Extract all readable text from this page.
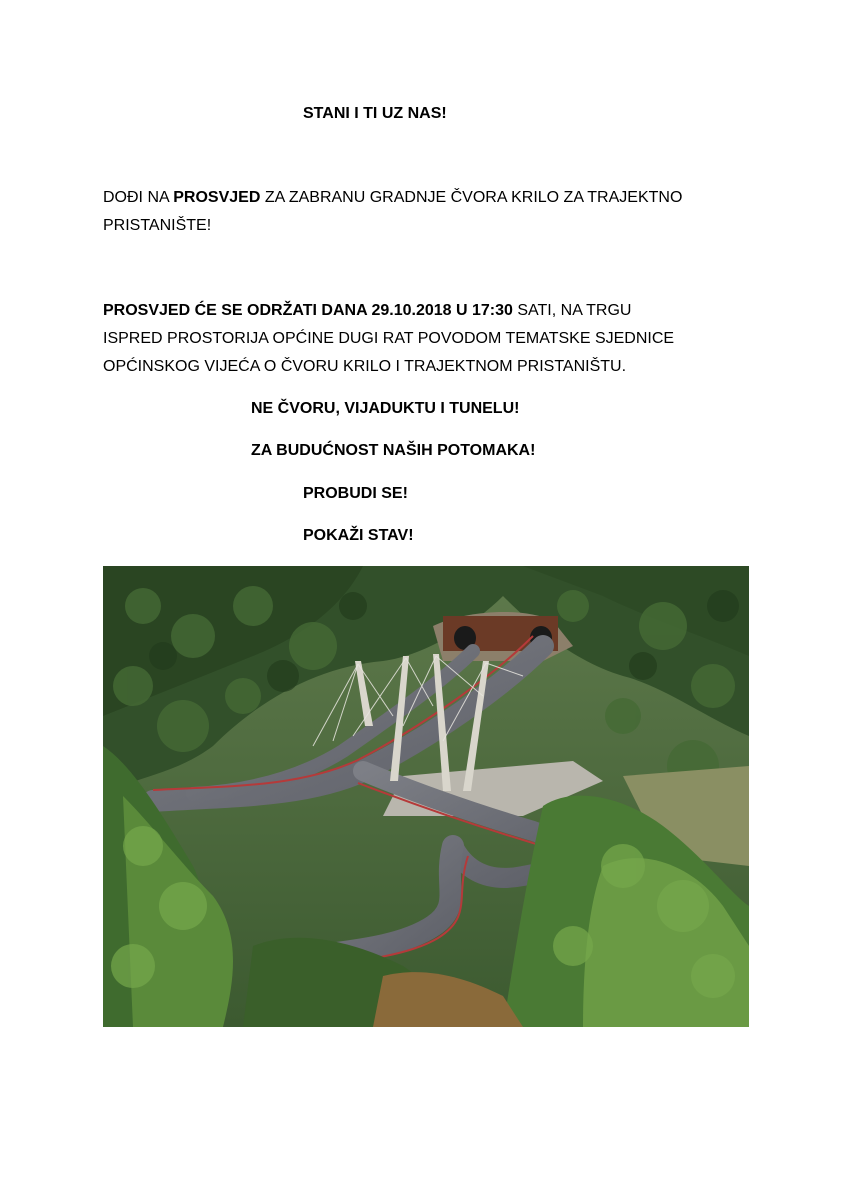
STANI I TI UZ NAS!
DOĐI NA PROSVJED ZA ZABRANU GRADNJE ČVORA KRILO ZA TRAJEKTNO
PRISTANIŠTE!
PROSVJED ĆE SE ODRŽATI DANA 29.10.2018 U 17:30 SATI, NA TRGU
ISPRED PROSTORIJA OPĆINE DUGI RAT POVODOM TEMATSKE SJEDNICE
OPĆINSKOG VIJEĆA O ČVORU KRILO I TRAJEKTNOM PRISTANIŠTU.
NE ČVORU, VIJADUKTU I TUNELU!
ZA BUDUĆNOST NAŠIH POTOMAKA!
PROBUDI SE!
POKAŽI STAV!
